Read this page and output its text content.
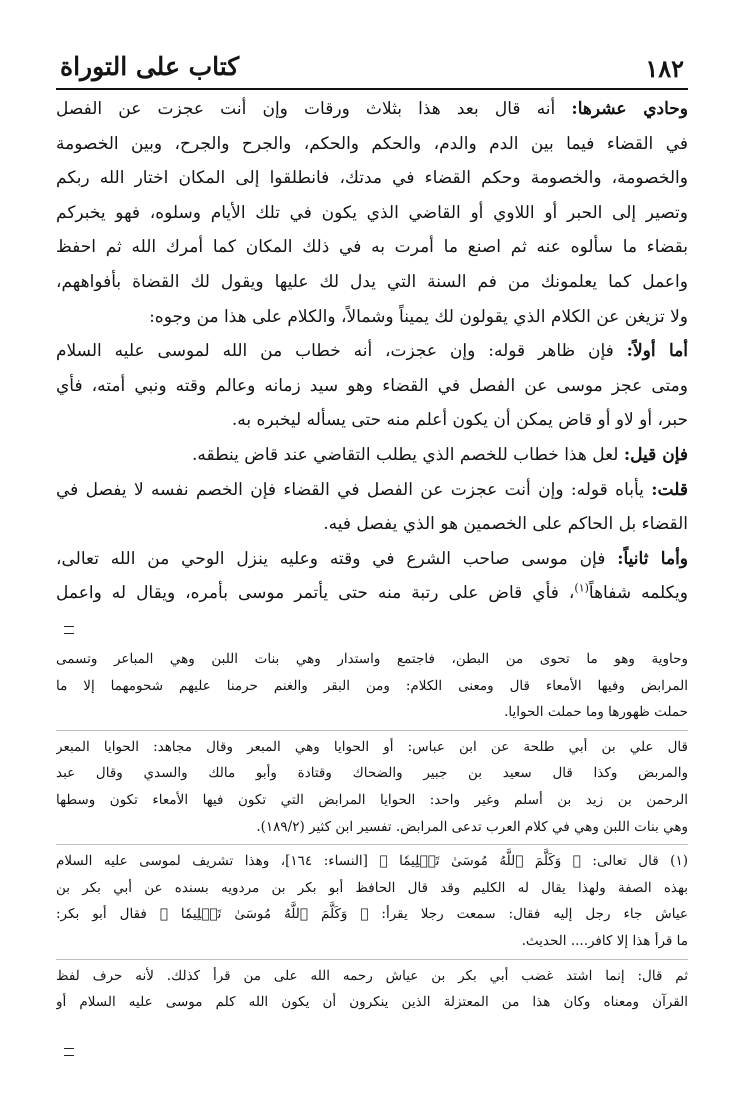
١٨٢
كتاب على التوراة
وحادي عشرها: أنه قال بعد هذا بثلاث ورقات وإن أنت عجزت عن الفصل
في القضاء فيما بين الدم والدم، والحكم والحكم، والجرح والجرح، وبين الخصومة
والخصومة، والخصومة وحكم القضاء في مدتك، فانطلقوا إلى المكان اختار الله ربكم
وتصير إلى الحبر أو اللاوي أو القاضي الذي يكون في تلك الأيام وسلوه، فهو يخبركم
بقضاء ما سألوه عنه ثم اصنع ما أمرت به في ذلك المكان كما أمرك الله ثم احفظ
واعمل كما يعلمونك من فم السنة التي يدل لك عليها ويقول لك القضاة بأفواههم،
ولا تزيغن عن الكلام الذي يقولون لك يميناً وشمالاً، والكلام على هذا من وجوه:
أما أولاً: فإن ظاهر قوله: وإن عجزت، أنه خطاب من الله لموسى عليه السلام
ومتى عجز موسى عن الفصل في القضاء وهو سيد زمانه وعالم وقته ونبي أمته، فأي
حبر، أو لاو أو قاض يمكن أن يكون أعلم منه حتى يسأله ليخبره به.
فإن قيل: لعل هذا خطاب للخصم الذي يطلب التقاضي عند قاض ينطقه.
قلت: يأباه قوله: وإن أنت عجزت عن الفصل في القضاء فإن الخصم نفسه لا يفصل في
القضاء بل الحاكم على الخصمين هو الذي يفصل فيه.
وأما ثانياً: فإن موسى صاحب الشرع في وقته وعليه ينزل الوحي من الله تعالى،
ويكلمه شفاهاً$^{(١)}$، فأي قاض على رتبة منه حتى يأتمر موسى بأمره، ويقال له واعمل
وحاوية وهو ما تحوى من البطن، فاجتمع واستدار وهي بنات اللبن وهي المباعر وتسمى
المرابض وفيها الأمعاء قال ومعنى الكلام: ومن البقر والغنم حرمنا عليهم شحومهما إلا ما
حملت ظهورها وما حملت الحوايا.
قال علي بن أبي طلحة عن ابن عباس: أو الحوايا وهي المبعر وقال مجاهد: الحوايا المبعر
والمربض وكذا قال سعيد بن جبير والضحاك وقتادة وأبو مالك والسدي وقال عبد
الرحمن بن زيد بن أسلم وغير واحد: الحوايا المرابض التي تكون فيها الأمعاء تكون وسطها
وهي بنات اللبن وهي في كلام العرب تدعى المرابض. تفسير ابن كثير (١٨٩/٢).
(١) قال تعالى: ﴿ وَكَلَّمَ ٱللَّهُ مُوسَىٰ تَكۡلِيمٗا ﴾ [النساء: ١٦٤]، وهذا تشريف لموسى عليه السلام
بهذه الصفة ولهذا يقال له الكليم وقد قال الحافظ أبو بكر بن مردويه بسنده عن أبي بكر بن
عياش جاء رجل إليه فقال: سمعت رجلا يقرأ: ﴿ وَكَلَّمَ ٱللَّهُ مُوسَىٰ تَكۡلِيمٗا ﴾ فقال أبو بكر:
ما قرأ هذا إلا كافر.... الحديث.
ثم قال: إنما اشتد غضب أبي بكر بن عياش رحمه الله على من قرأ كذلك. لأنه حرف لفظ
القرآن ومعناه وكان هذا من المعتزلة الذين ينكرون أن يكون الله كلم موسى عليه السلام أو
